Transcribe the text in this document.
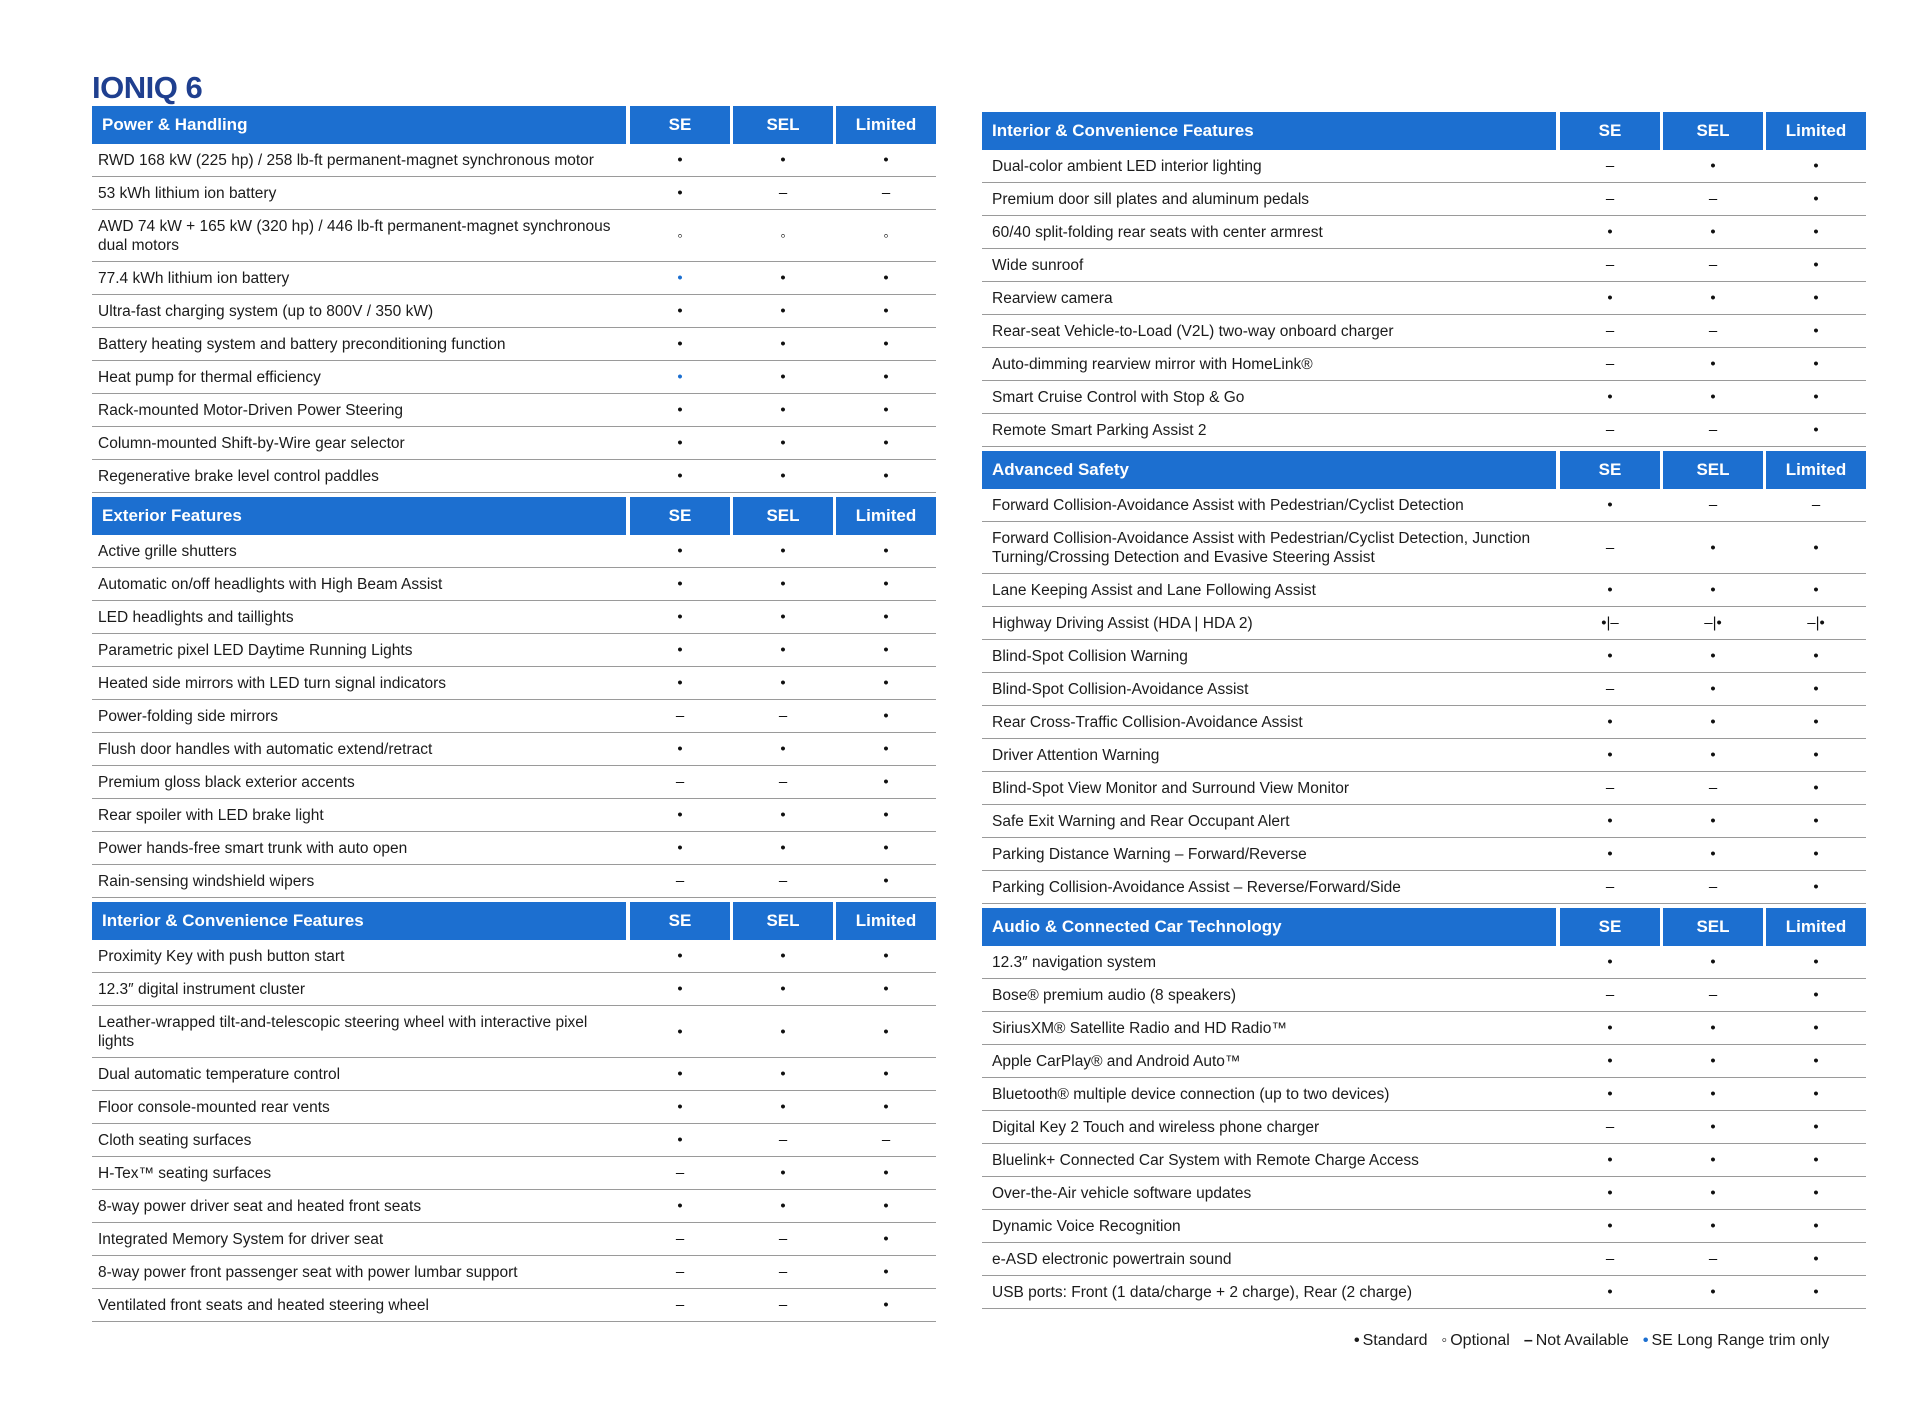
IONIQ 6
Power & Handling	SE	SEL	Limited
RWD 168 kW (225 hp) / 258 lb-ft permanent-magnet synchronous motor	•	•	•
53 kWh lithium ion battery	•	–	–
AWD 74 kW + 165 kW (320 hp) / 446 lb-ft permanent-magnet synchronous dual motors
◦	◦	◦
77.4 kWh lithium ion battery	•	•	•
Ultra-fast charging system (up to 800V / 350 kW)	•	•	•
Battery heating system and battery preconditioning function	•	•	•
Heat pump for thermal efficiency	•	•	•
Rack-mounted Motor-Driven Power Steering	•	•	•
Column-mounted Shift-by-Wire gear selector	•	•	•
Regenerative brake level control paddles	•	•	•
Exterior Features	SE	SEL	Limited
Active grille shutters	•	•	•
Automatic on/off headlights with High Beam Assist	•	•	•
LED headlights and taillights	•	•	•
Parametric pixel LED Daytime Running Lights	•	•	•
Heated side mirrors with LED turn signal indicators	•	•	•
Power-folding side mirrors	–	–	•
Flush door handles with automatic extend/retract	•	•	•
Premium gloss black exterior accents	–	–	•
Rear spoiler with LED brake light	•	•	•
Power hands-free smart trunk with auto open	•	•	•
Rain-sensing windshield wipers	–	–	•
Interior & Convenience Features	SE	SEL	Limited
Proximity Key with push button start	•	•	•
12.3″ digital instrument cluster	•	•	•
Leather-wrapped tilt-and-telescopic steering wheel with interactive pixel lights
•	•	•
Dual automatic temperature control	•	•	•
Floor console-mounted rear vents	•	•	•
Cloth seating surfaces	•	–	–
H-Tex™ seating surfaces	–	•	•
8-way power driver seat and heated front seats	•	•	•
Integrated Memory System for driver seat	–	–	•
8-way power front passenger seat with power lumbar support	–	–	•
Ventilated front seats and heated steering wheel	–	–	•
Interior & Convenience Features	SE	SEL	Limited
Dual-color ambient LED interior lighting	–	•	•
Premium door sill plates and aluminum pedals	–	–	•
60/40 split-folding rear seats with center armrest	•	•	•
Wide sunroof	–	–	•
Rearview camera	•	•	•
Rear-seat Vehicle-to-Load (V2L) two-way onboard charger	–	–	•
Auto-dimming rearview mirror with HomeLink®	–	•	•
Smart Cruise Control with Stop & Go	•	•	•
Remote Smart Parking Assist 2	–	–	•
Advanced Safety	SE	SEL	Limited
Forward Collision-Avoidance Assist with Pedestrian/Cyclist Detection	•	–	–
Forward Collision-Avoidance Assist with Pedestrian/Cyclist Detection, Junction Turning/Crossing Detection and Evasive Steering Assist
–	•	•
Lane Keeping Assist and Lane Following Assist	•	•	•
Highway Driving Assist (HDA | HDA 2)	•|–	–|•	–|•
Blind-Spot Collision Warning	•	•	•
Blind-Spot Collision-Avoidance Assist	–	•	•
Rear Cross-Traffic Collision-Avoidance Assist	•	•	•
Driver Attention Warning	•	•	•
Blind-Spot View Monitor and Surround View Monitor	–	–	•
Safe Exit Warning and Rear Occupant Alert	•	•	•
Parking Distance Warning – Forward/Reverse	•	•	•
Parking Collision-Avoidance Assist – Reverse/Forward/Side	–	–	•
Audio & Connected Car Technology	SE	SEL	Limited
12.3″ navigation system	•	•	•
Bose® premium audio (8 speakers)	–	–	•
SiriusXM® Satellite Radio and HD Radio™	•	•	•
Apple CarPlay® and Android Auto™	•	•	•
Bluetooth® multiple device connection (up to two devices)	•	•	•
Digital Key 2 Touch and wireless phone charger	–	•	•
Bluelink+ Connected Car System with Remote Charge Access	•	•	•
Over-the-Air vehicle software updates	•	•	•
Dynamic Voice Recognition	•	•	•
e-ASD electronic powertrain sound	–	–	•
USB ports: Front (1 data/charge + 2 charge), Rear (2 charge)	•	•	•
• Standard ◦ Optional – Not Available • SE Long Range trim only
